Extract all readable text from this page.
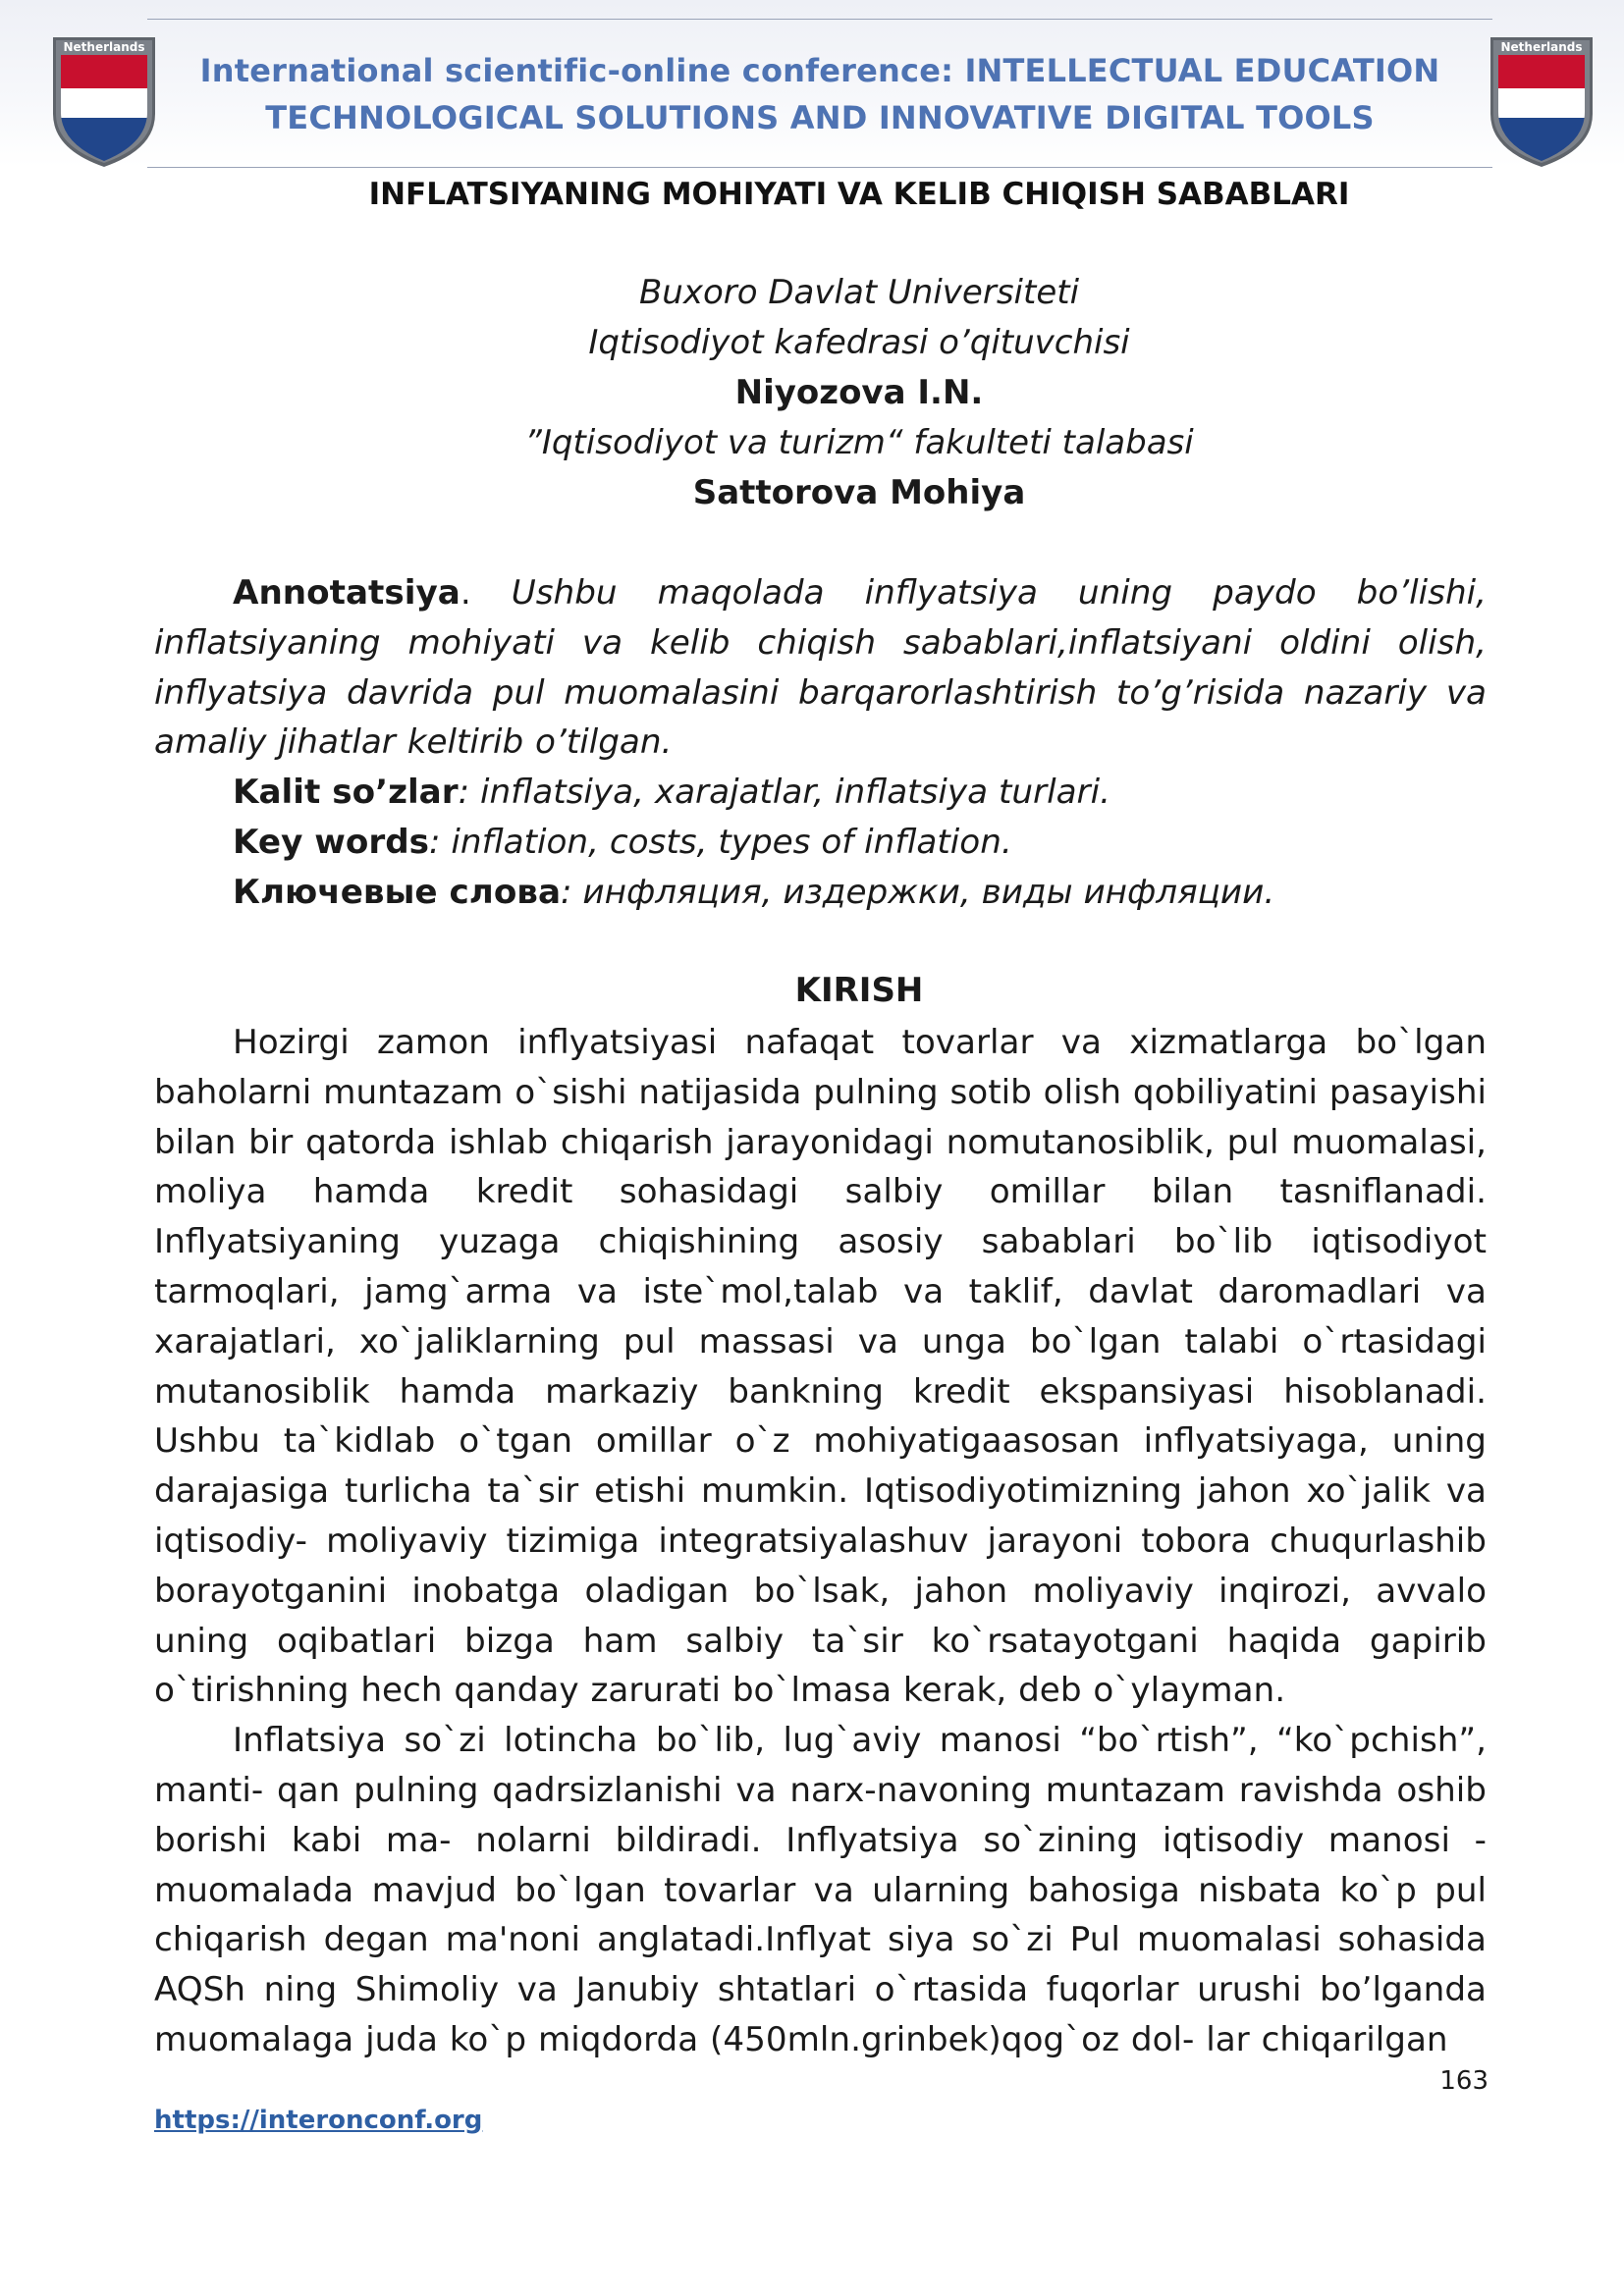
Netherlands	Netherlands
International scientific-online conference: INTELLECTUAL EDUCATION
TECHNOLOGICAL SOLUTIONS AND INNOVATIVE DIGITAL TOOLS
INFLATSIYANING MOHIYATI VA KELIB CHIQISH SABABLARI
Buxoro Davlat Universiteti
Iqtisodiyot kafedrasi o’qituvchisi
Niyozova I.N.
”Iqtisodiyot va turizm“ fakulteti talabasi
Sattorova Mohiya

Annotatsiya. Ushbu maqolada inflyatsiya uning paydo bo’lishi, inflatsiyaning mohiyati va kelib chiqish sabablari,inflatsiyani oldini olish, inflyatsiya davrida pul muomalasini barqarorlashtirish to’g’risida nazariy va amaliy jihatlar keltirib o’tilgan.

Kalit so’zlar: inflatsiya, xarajatlar, inflatsiya turlari.

Key words: inflation, costs, types of inflation.

Ключевые слова: инфляция, издержки, виды инфляции.

KIRISH

Hozirgi zamon inflyatsiyasi nafaqat tovarlar va xizmatlarga bo`lgan baholarni muntazam o`sishi natijasida pulning sotib olish qobiliyatini pasayishi bilan bir qatorda ishlab chiqarish jarayonidagi nomutanosiblik, pul muomalasi, moliya hamda kredit sohasidagi salbiy omillar bilan tasniflanadi. Inflyatsiyaning yuzaga chiqishining asosiy sabablari bo`lib iqtisodiyot tarmoqlari, jamg`arma va iste`mol,talab va taklif, davlat daromadlari va xarajatlari, xo`jaliklarning pul massasi va unga bo`lgan talabi o`rtasidagi mutanosiblik hamda markaziy bankning kredit ekspansiyasi hisoblanadi. Ushbu ta`kidlab o`tgan omillar o`z mohiyatigaasosan inflyatsiyaga, uning darajasiga turlicha ta`sir etishi mumkin. Iqtisodiyotimizning jahon xo`jalik va iqtisodiy- moliyaviy tizimiga integratsiyalashuv jarayoni tobora chuqurlashib borayotganini inobatga oladigan bo`lsak, jahon moliyaviy inqirozi, avvalo uning oqibatlari bizga ham salbiy ta`sir ko`rsatayotgani haqida gapirib o`tirishning hech qanday zarurati bo`lmasa kerak, deb o`ylayman.

Inflatsiya so`zi lotincha bo`lib, lug`aviy manosi “bo`rtish”, “ko`pchish”, manti- qan pulning qadrsizlanishi va narx-navoning muntazam ravishda oshib borishi kabi ma- nolarni bildiradi. Inflyatsiya so`zining iqtisodiy manosi - muomalada mavjud bo`lgan tovarlar va ularning bahosiga nisbata ko`p pul chiqarish degan ma'noni anglatadi.Inflyat siya so`zi Pul muomalasi sohasida AQSh ning Shimoliy va Janubiy shtatlari o`rtasida fuqorlar urushi bo’lganda muomalaga juda ko`p miqdorda (450mln.grinbek)qog`oz dol- lar chiqarilgan

163
https://interonconf.org
